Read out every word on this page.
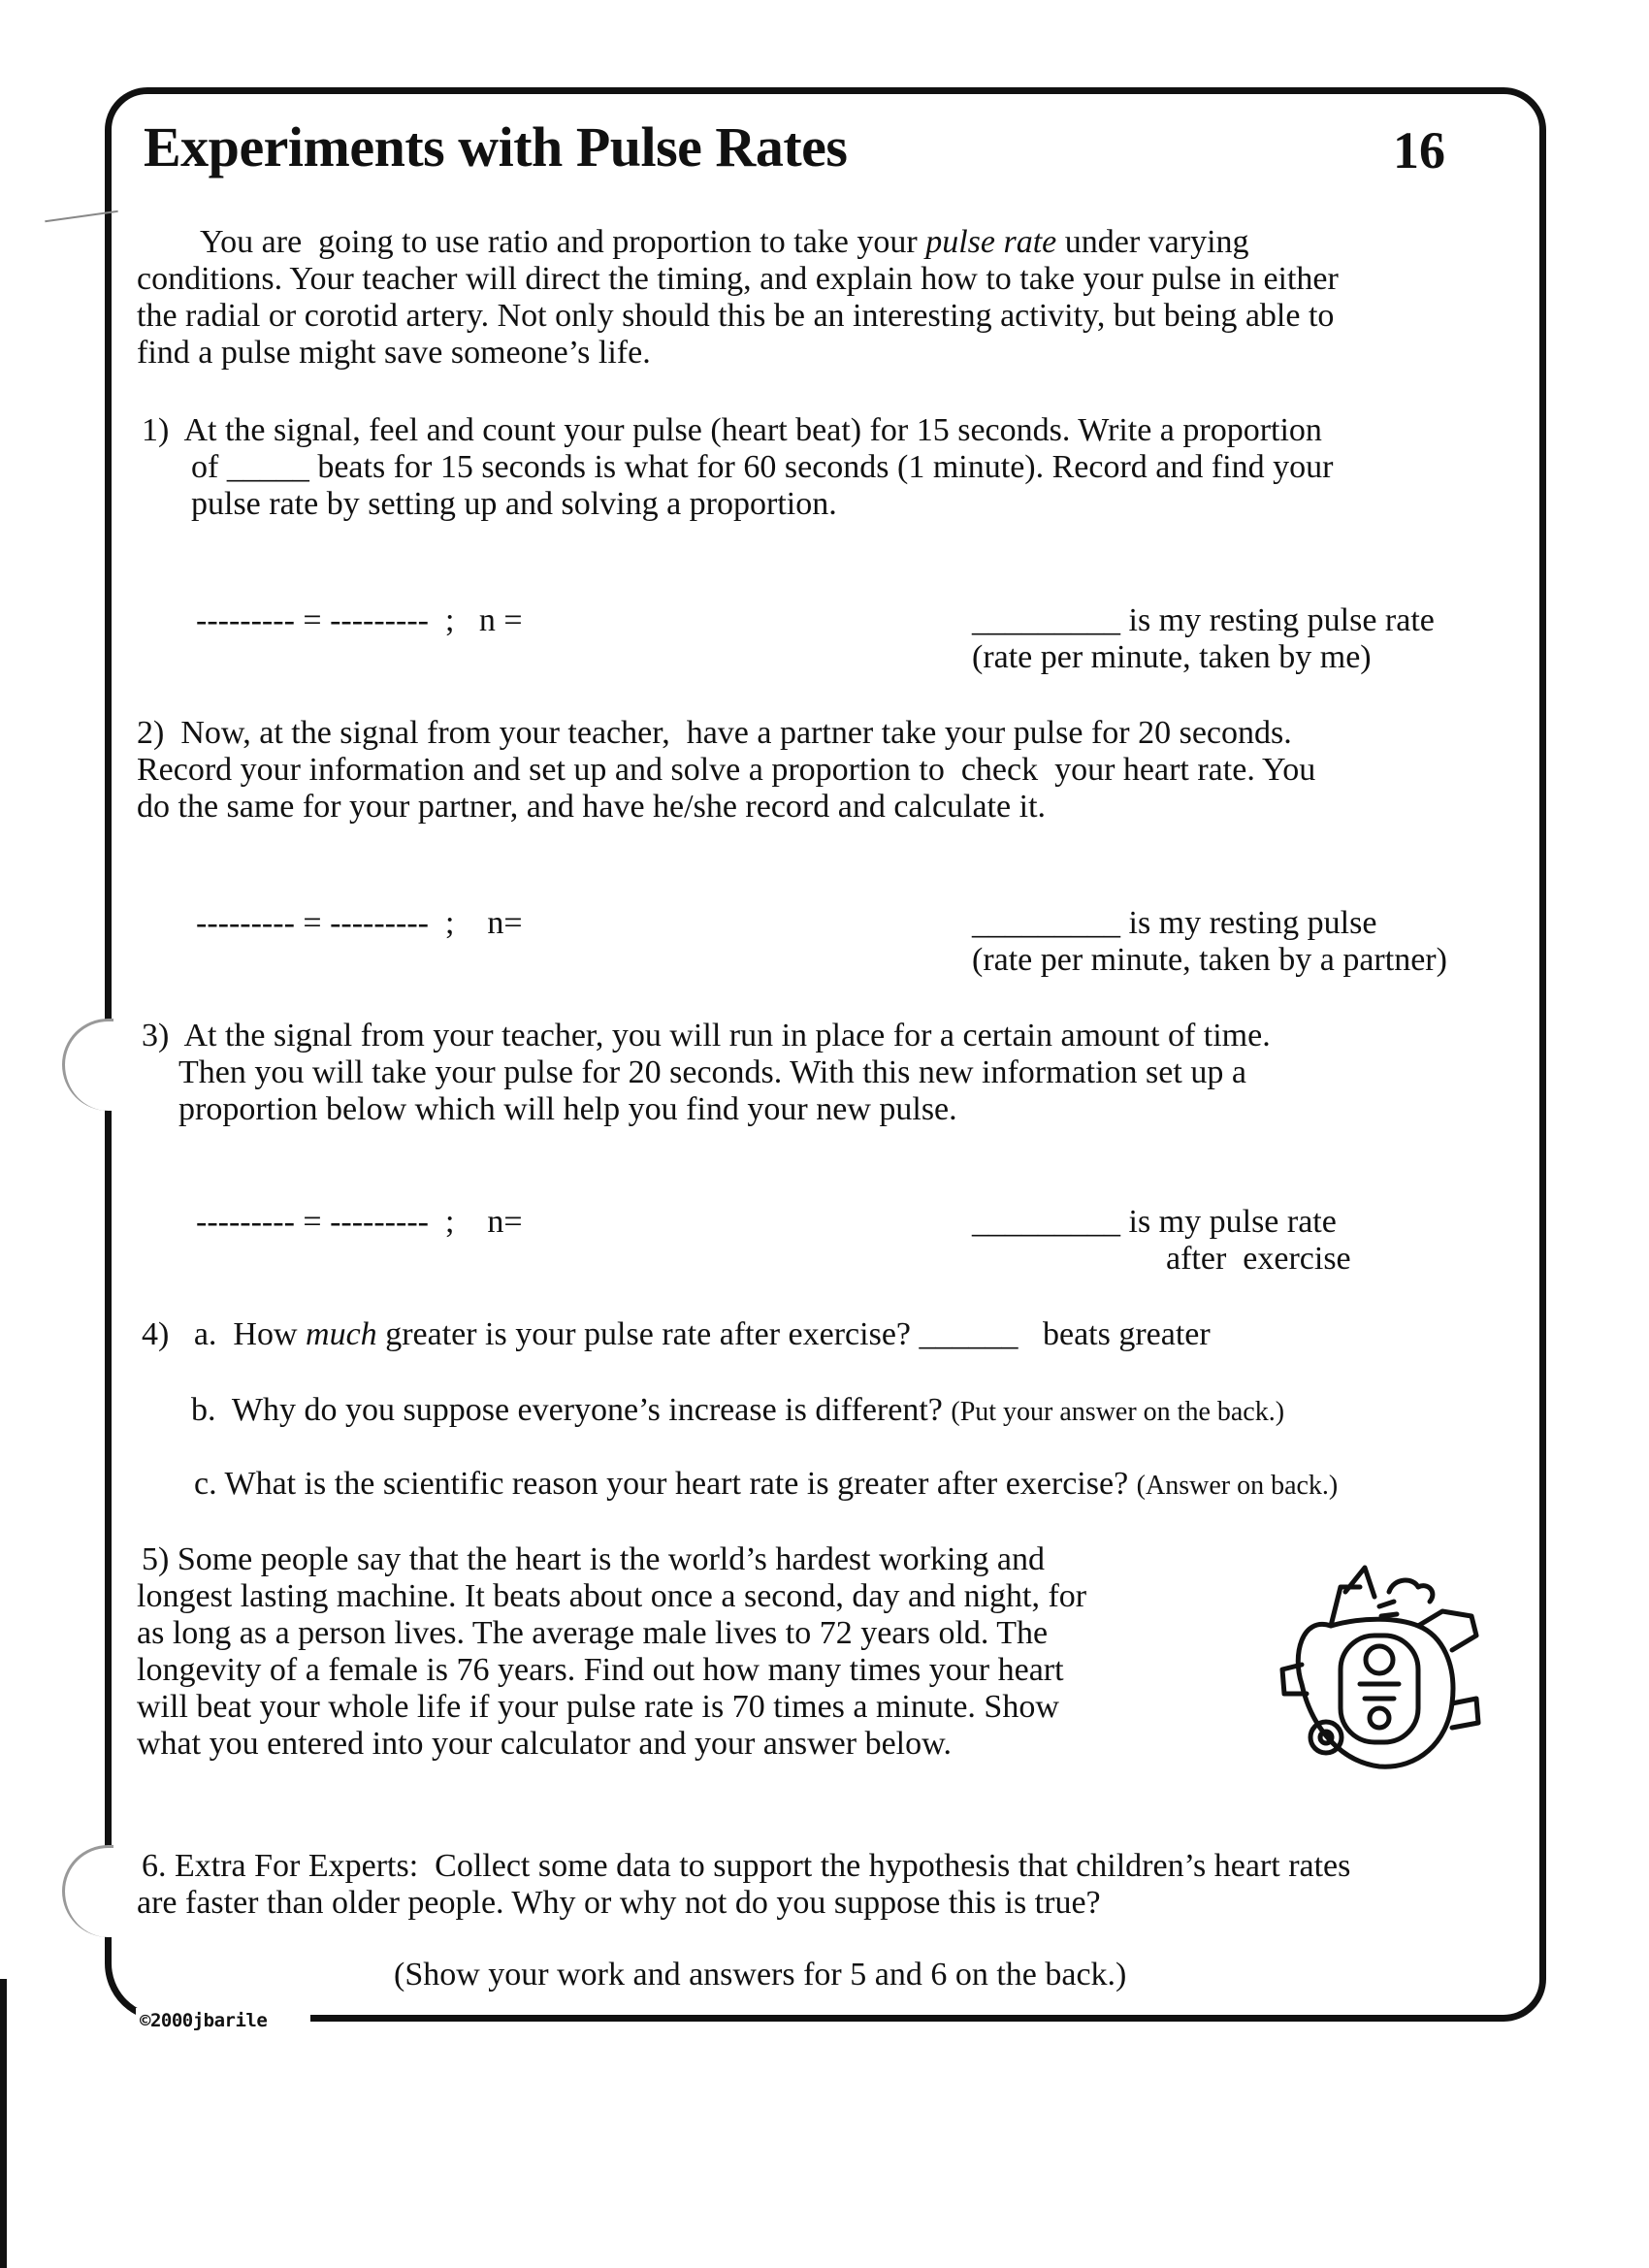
©2000jbarile
Experiments with Pulse Rates	16
You are  going to use ratio and proportion to take your pulse rate under varying
conditions. Your teacher will direct the timing, and explain how to take your pulse in either
the radial or corotid artery. Not only should this be an interesting activity, but being able to
find a pulse might save someone’s life.
1)  At the signal, feel and count your pulse (heart beat) for 15 seconds. Write a proportion
of _____ beats for 15 seconds is what for 60 seconds (1 minute). Record and find your
pulse rate by setting up and solving a proportion.
--------- = ---------  ;   n =	_________ is my resting pulse rate
(rate per minute, taken by me)
2)  Now, at the signal from your teacher,  have a partner take your pulse for 20 seconds.
Record your information and set up and solve a proportion to  check  your heart rate. You
do the same for your partner, and have he/she record and calculate it.
--------- = ---------  ;    n=	_________ is my resting pulse
(rate per minute, taken by a partner)
3)  At the signal from your teacher, you will run in place for a certain amount of time.
Then you will take your pulse for 20 seconds. With this new information set up a
proportion below which will help you find your new pulse.
--------- = ---------  ;    n=	_________ is my pulse rate
after  exercise
4)   a.  How much greater is your pulse rate after exercise? ______   beats greater
b.  Why do you suppose everyone’s increase is different? (Put your answer on the back.)
c. What is the scientific reason your heart rate is greater after exercise? (Answer on back.)
5) Some people say that the heart is the world’s hardest working and
longest lasting machine. It beats about once a second, day and night, for
as long as a person lives. The average male lives to 72 years old. The
longevity of a female is 76 years. Find out how many times your heart
will beat your whole life if your pulse rate is 70 times a minute. Show
what you entered into your calculator and your answer below.
6. Extra For Experts:  Collect some data to support the hypothesis that children’s heart rates
are faster than older people. Why or why not do you suppose this is true?
(Show your work and answers for 5 and 6 on the back.)
